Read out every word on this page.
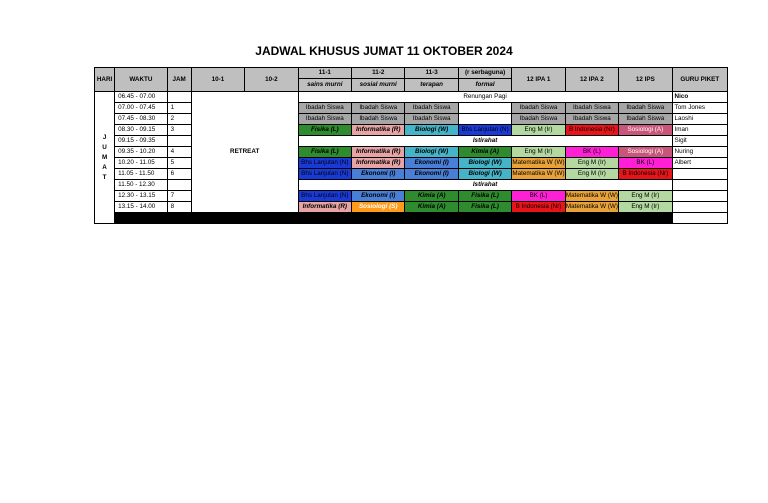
JADWAL KHUSUS JUMAT 11 OKTOBER 2024
HARI	WAKTU	JAM	10-1	10-2	11-1	11-2	11-3	(r serbaguna)	12 IPA 1	12 IPA 2	12 IPS	GURU PIKET
					sains murni	sosial murni	terapan	formal				

J
U
M
A
T	06.45 - 07.00		RETREAT		Renungan Pagi							Nico
	07.00 - 07.45	1			Ibadah Siswa	Ibadah Siswa	Ibadah Siswa		Ibadah Siswa	Ibadah Siswa	Ibadah Siswa	Tom Jones
	07.45 - 08.30	2			Ibadah Siswa	Ibadah Siswa	Ibadah Siswa		Ibadah Siswa	Ibadah Siswa	Ibadah Siswa	Laoshi
	08.30 - 09.15	3			Fisika (L)	Informatika (R)	Biologi (W)	Bhs Lanjutan (N)	Eng M (Ir)	B Indonesia (Nr)	Sosiologi (A)	Iman
	09.15 - 09.35				Istirahat							Sigit
	09.35 - 10.20	4			Fisika (L)	Informatika (R)	Biologi (W)	Kimia (A)	Eng M (Ir)	BK (L)	Sosiologi (A)	Nuring
	10.20 - 11.05	5			Bhs Lanjutan (N)	Informatika (R)	Ekonomi (I)	Biologi (W)	Matematika W (W)	Eng M (Ir)	BK (L)	Albert
	11.05 - 11.50	6			Bhs Lanjutan (N)	Ekonomi (I)	Ekonomi (I)	Biologi (W)	Matematika W (W)	Eng M (Ir)	B Indonesia (Nr)	
	11.50 - 12.30				Istirahat							
	12.30 - 13.15	7			Bhs Lanjutan (N)	Ekonomi (I)	Kimia (A)	Fisika (L)	BK (L)	Matematika W (W)	Eng M (Ir)	
	13.15 - 14.00	8			Informatika (R)	Sosiologi (S)	Kimia (A)	Fisika (L)	B Indonesia (Nr)	Matematika W (W)	Eng M (Ir)	
